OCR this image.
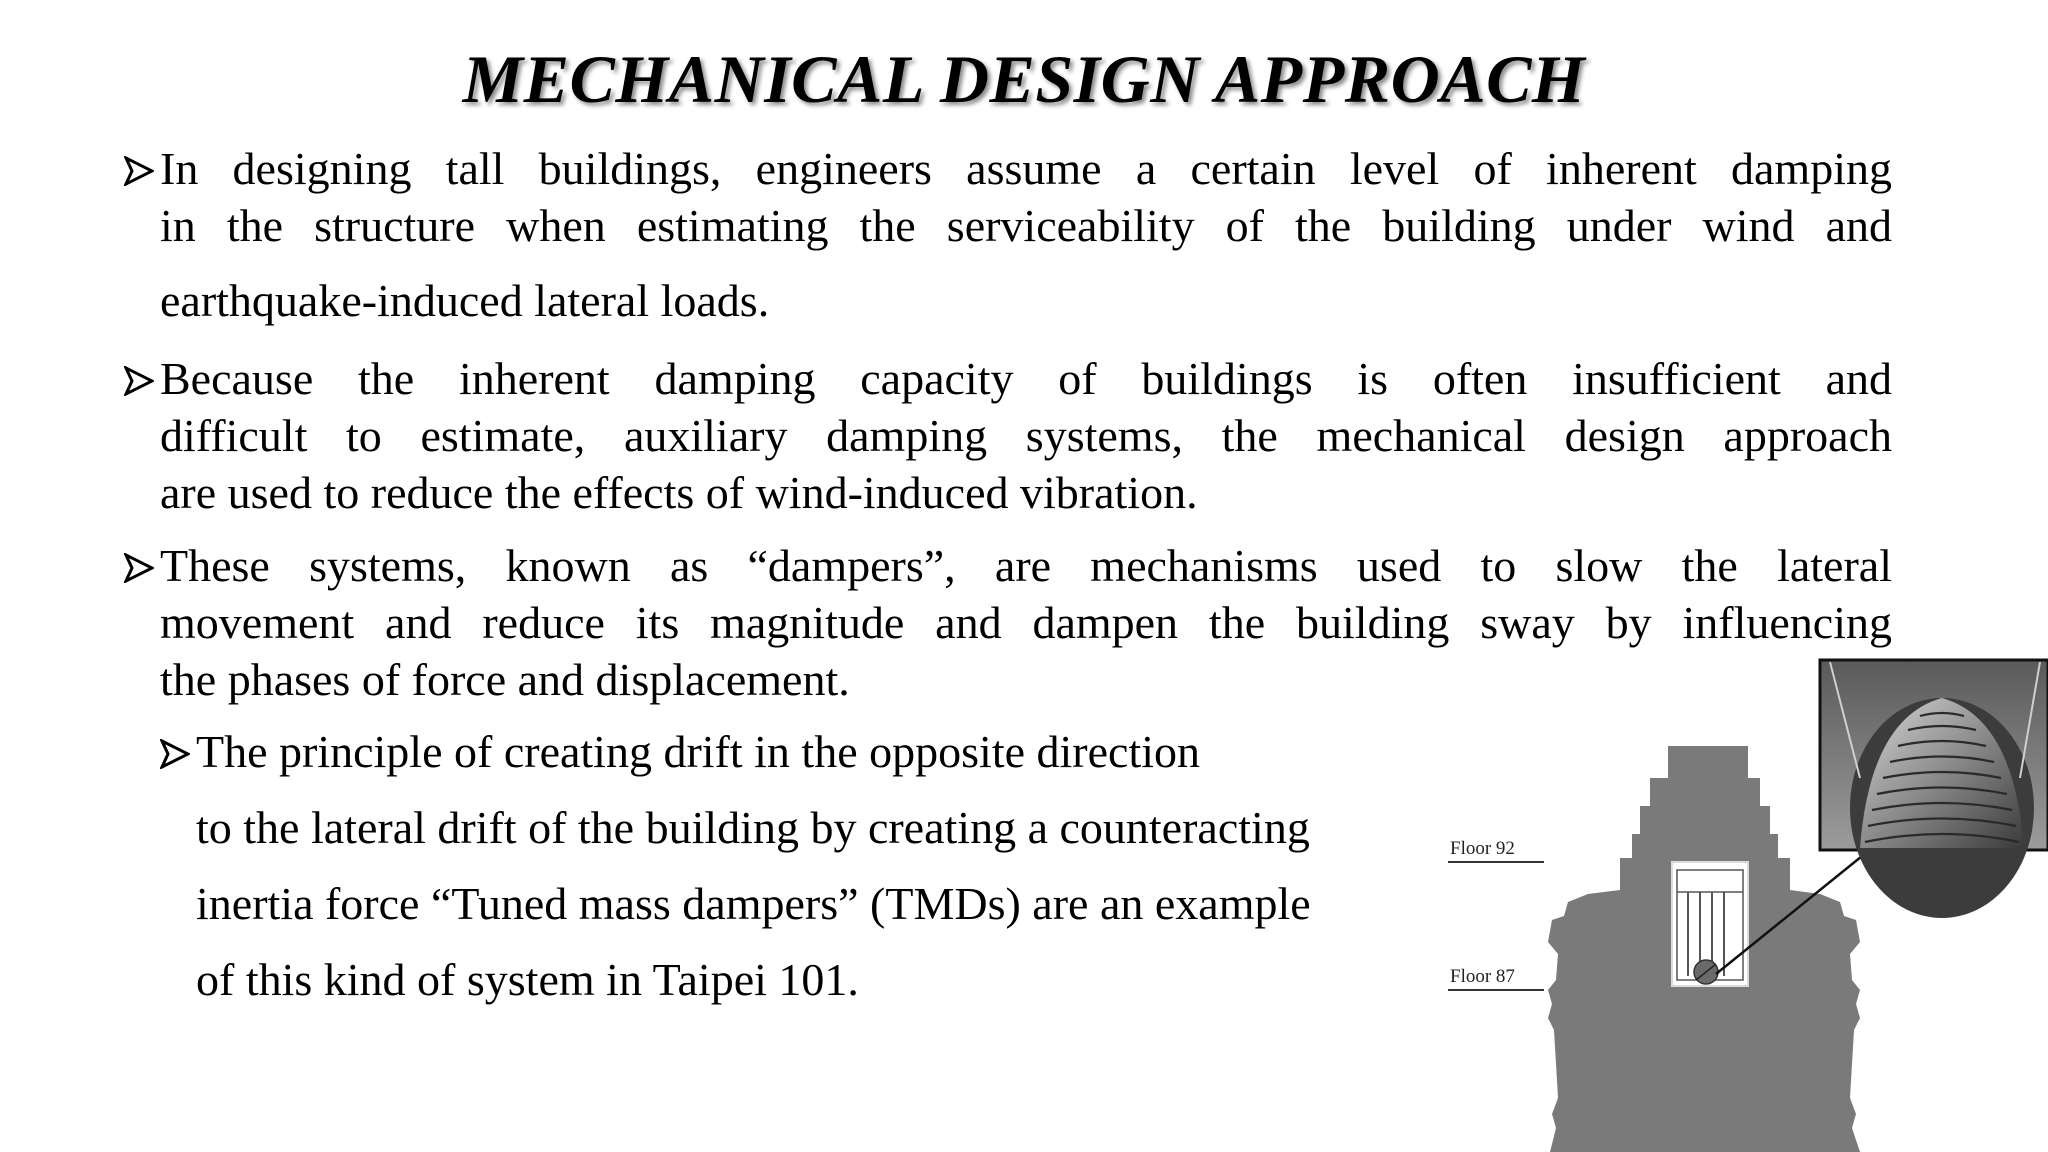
MECHANICAL DESIGN APPROACH
In designing tall buildings, engineers assume a certain level of inherent damping
in the structure when estimating the serviceability of the building under wind and
earthquake-induced lateral loads.
Because the inherent damping capacity of buildings is often insufficient and
difficult to estimate, auxiliary damping systems, the mechanical design approach
are used to reduce the effects of wind-induced vibration.
These systems, known as “dampers”, are mechanisms used to slow the lateral
movement and reduce its magnitude and dampen the building sway by influencing
the phases of force and displacement.
The principle of creating drift in the opposite direction
to the lateral drift of the building by creating a counteracting
inertia force “Tuned mass dampers” (TMDs) are an example
of this kind of system in Taipei 101.
Floor 92
Floor 87
